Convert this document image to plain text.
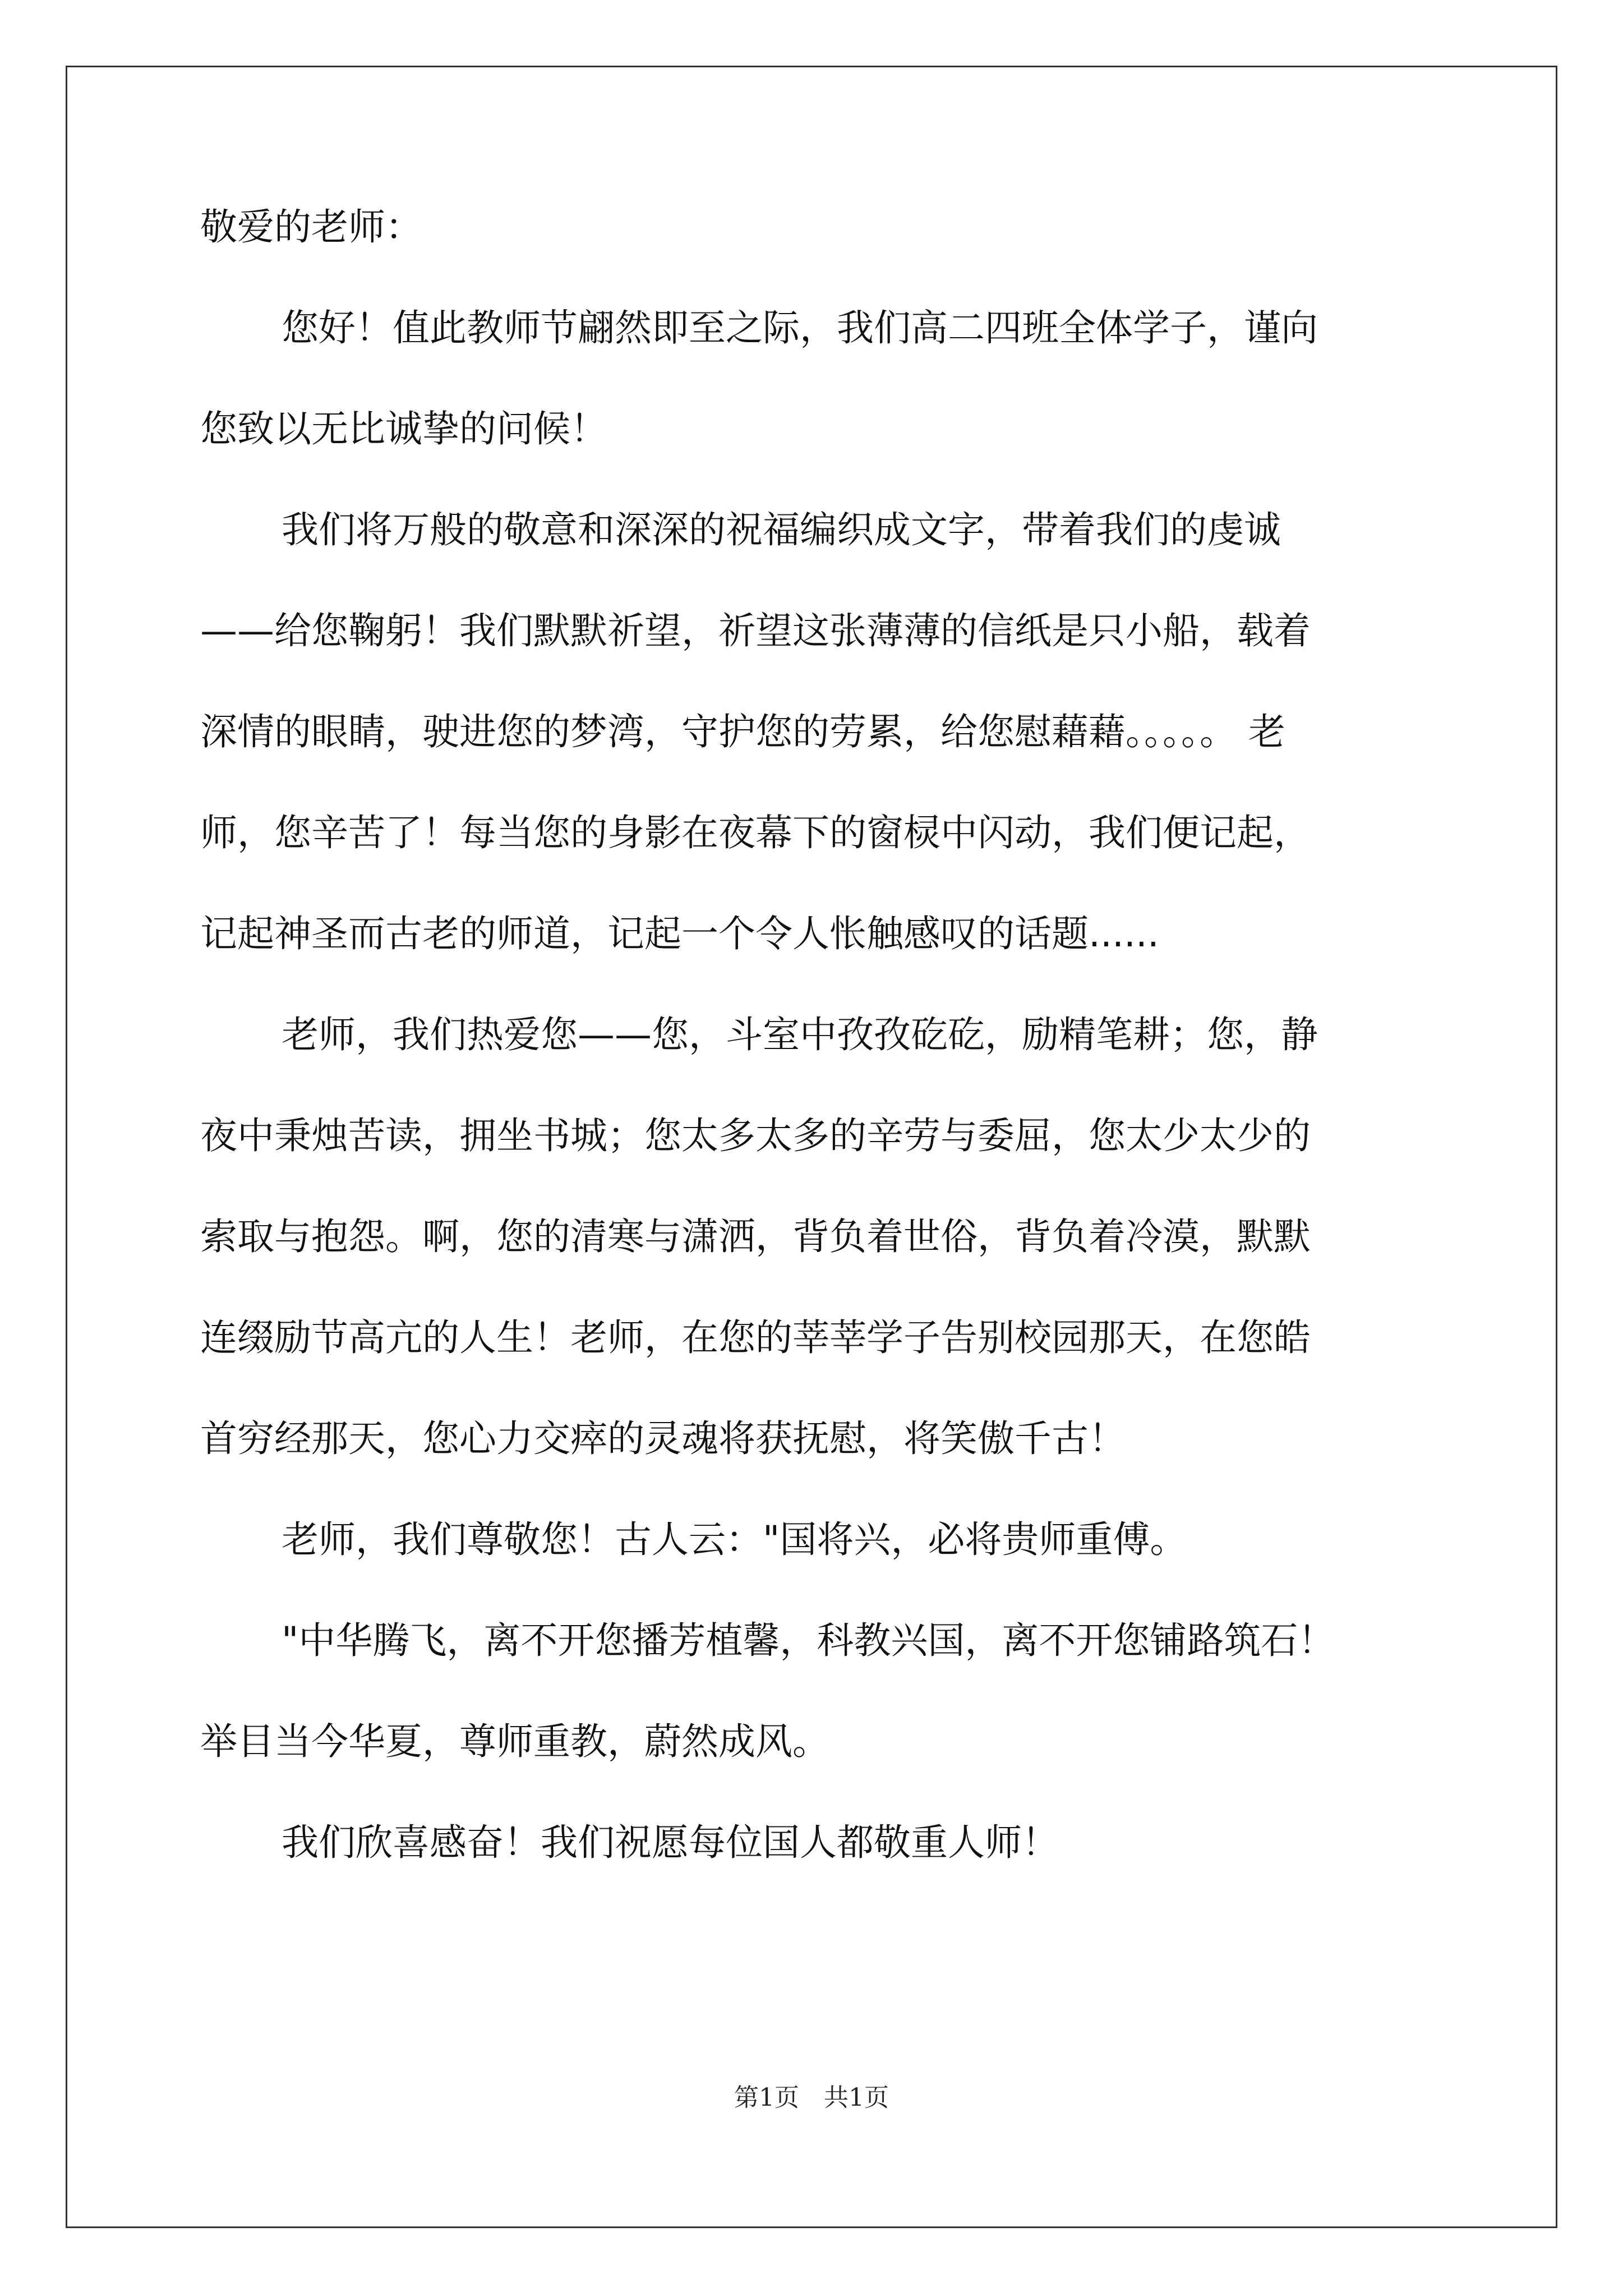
敬爱的老师：
您好！值此教师节翩然即至之际，我们高二四班全体学子，谨向
您致以无比诚挚的问候！
我们将万般的敬意和深深的祝福编织成文字，带着我们的虔诚
——给您鞠躬！我们默默祈望，祈望这张薄薄的信纸是只小船，载着
深情的眼睛，驶进您的梦湾，守护您的劳累，给您慰藉藉。。。。。 老
师，您辛苦了！每当您的身影在夜幕下的窗棂中闪动，我们便记起，
记起神圣而古老的师道，记起一个令人怅触感叹的话题......
老师，我们热爱您——您，斗室中孜孜矻矻，励精笔耕；您，静
夜中秉烛苦读，拥坐书城；您太多太多的辛劳与委屈，您太少太少的
索取与抱怨。啊，您的清寒与潇洒，背负着世俗，背负着冷漠，默默
连缀励节高亢的人生！老师，在您的莘莘学子告别校园那天，在您皓
首穷经那天，您心力交瘁的灵魂将获抚慰，将笑傲千古！
老师，我们尊敬您！古人云："国将兴，必将贵师重傅。
"中华腾飞，离不开您播芳植馨，科教兴国，离不开您铺路筑石！
举目当今华夏，尊师重教，蔚然成风。
我们欣喜感奋！我们祝愿每位国人都敬重人师！
第1页　共1页
